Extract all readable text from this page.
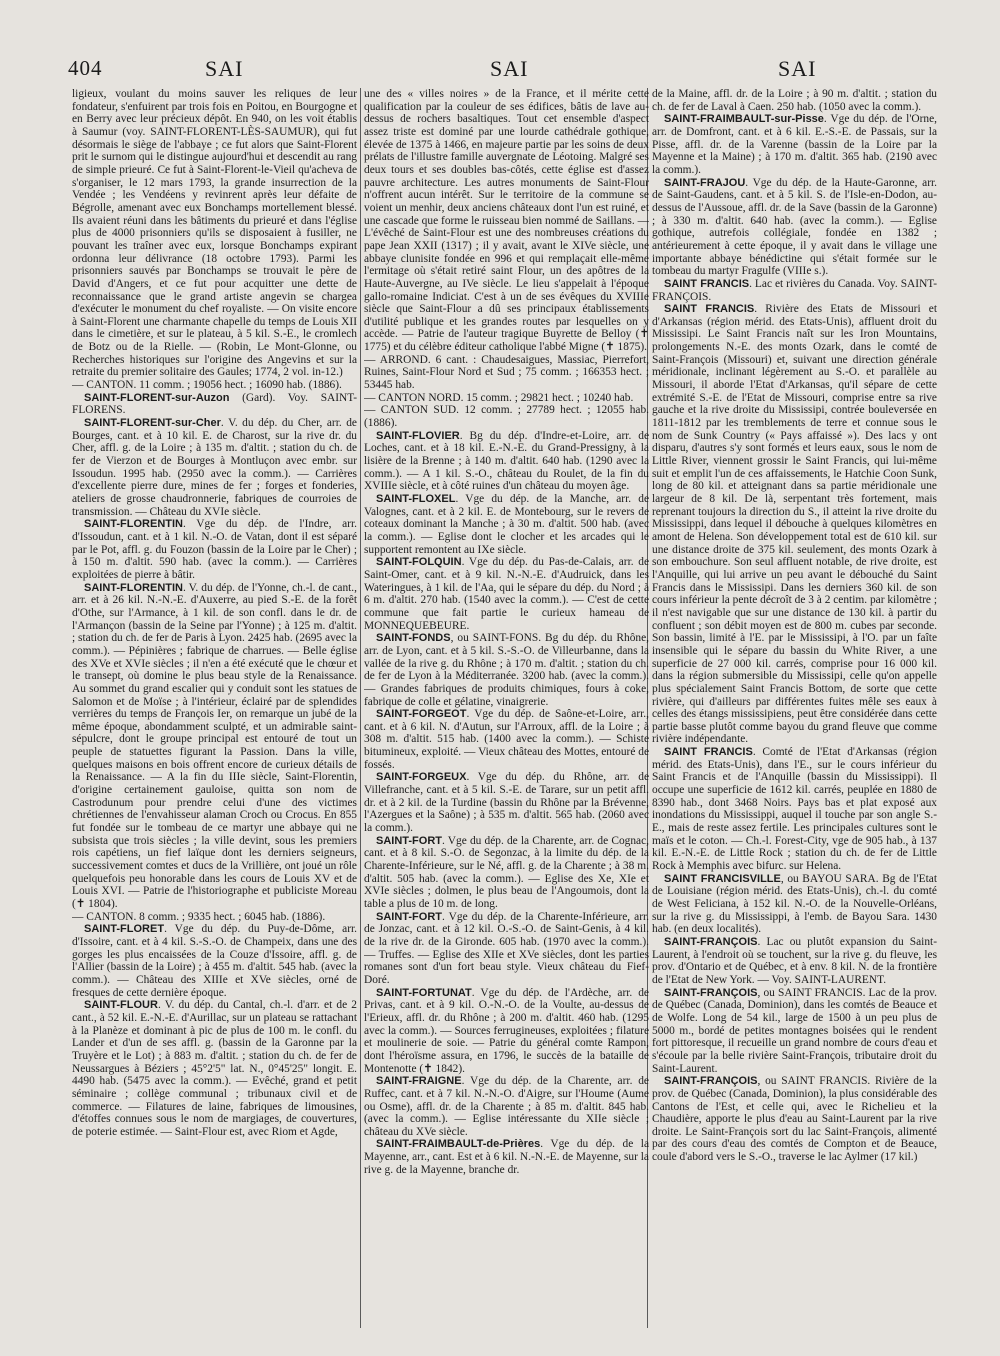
404	SAI	SAI	SAI

ligieux, voulant du moins sauver les reliques de leur fondateur, s'enfuirent par trois fois en Poitou, en Bourgogne et en Berry avec leur précieux dépôt. En 940, on les voit établis à Saumur (voy. SAINT-FLORENT-LÈS-SAUMUR), qui fut désormais le siège de l'abbaye ; ce fut alors que Saint-Florent prit le surnom qui le distingue aujourd'hui et descendit au rang de simple prieuré. Ce fut à Saint-Florent-le-Vieil qu'acheva de s'organiser, le 12 mars 1793, la grande insurrection de la Vendée ; les Vendéens y revinrent après leur défaite de Bégrolle, amenant avec eux Bonchamps mortellement blessé. Ils avaient réuni dans les bâtiments du prieuré et dans l'église plus de 4000 prisonniers qu'ils se disposaient à fusiller, ne pouvant les traîner avec eux, lorsque Bonchamps expirant ordonna leur délivrance (18 octobre 1793). Parmi les prisonniers sauvés par Bonchamps se trouvait le père de David d'Angers, et ce fut pour acquitter une dette de reconnaissance que le grand artiste angevin se chargea d'exécuter le monument du chef royaliste. — On visite encore à Saint-Florent une charmante chapelle du temps de Louis XII dans le cimetière, et sur le plateau, à 5 kil. S.-E., le cromlech de Botz ou de la Rielle. — (Robin, Le Mont-Glonne, ou Recherches historiques sur l'origine des Angevins et sur la retraite du premier solitaire des Gaules; 1774, 2 vol. in-12.)

— CANTON. 11 comm. ; 19056 hect. ; 16090 hab. (1886).

SAINT-FLORENT-sur-Auzon (Gard). Voy. SAINT-FLORENS.

SAINT-FLORENT-sur-Cher. V. du dép. du Cher, arr. de Bourges, cant. et à 10 kil. E. de Charost, sur la rive dr. du Cher, affl. g. de la Loire ; à 135 m. d'altit. ; station du ch. de fer de Vierzon et de Bourges à Montluçon avec embr. sur Issoudun. 1995 hab. (2950 avec la comm.). — Carrières d'excellente pierre dure, mines de fer ; forges et fonderies, ateliers de grosse chaudronnerie, fabriques de courroies de transmission. — Château du XVIe siècle.

SAINT-FLORENTIN. Vge du dép. de l'Indre, arr. d'Issoudun, cant. et à 1 kil. N.-O. de Vatan, dont il est séparé par le Pot, affl. g. du Fouzon (bassin de la Loire par le Cher) ; à 150 m. d'altit. 590 hab. (avec la comm.). — Carrières exploitées de pierre à bâtir.

SAINT-FLORENTIN. V. du dép. de l'Yonne, ch.-l. de cant., arr. et à 26 kil. N.-N.-E. d'Auxerre, au pied S.-E. de la forêt d'Othe, sur l'Armance, à 1 kil. de son confl. dans le dr. de l'Armançon (bassin de la Seine par l'Yonne) ; à 125 m. d'altit. ; station du ch. de fer de Paris à Lyon. 2425 hab. (2695 avec la comm.). — Pépinières ; fabrique de charrues. — Belle église des XVe et XVIe siècles ; il n'en a été exécuté que le chœur et le transept, où domine le plus beau style de la Renaissance. Au sommet du grand escalier qui y conduit sont les statues de Salomon et de Moïse ; à l'intérieur, éclairé par de splendides verrières du temps de François Ier, on remarque un jubé de la même époque, abondamment sculpté, et un admirable saint-sépulcre, dont le groupe principal est entouré de tout un peuple de statuettes figurant la Passion. Dans la ville, quelques maisons en bois offrent encore de curieux détails de la Renaissance. — A la fin du IIIe siècle, Saint-Florentin, d'origine certainement gauloise, quitta son nom de Castrodunum pour prendre celui d'une des victimes chrétiennes de l'envahisseur alaman Croch ou Crocus. En 855 fut fondée sur le tombeau de ce martyr une abbaye qui ne subsista que trois siècles ; la ville devint, sous les premiers rois capétiens, un fief laïque dont les derniers seigneurs, successivement comtes et ducs de la Vrillière, ont joué un rôle quelquefois peu honorable dans les cours de Louis XV et de Louis XVI. — Patrie de l'historiographe et publiciste Moreau (✝ 1804).

— CANTON. 8 comm. ; 9335 hect. ; 6045 hab. (1886).

SAINT-FLORET. Vge du dép. du Puy-de-Dôme, arr. d'Issoire, cant. et à 4 kil. S.-S.-O. de Champeix, dans une des gorges les plus encaissées de la Couze d'Issoire, affl. g. de l'Allier (bassin de la Loire) ; à 455 m. d'altit. 545 hab. (avec la comm.). — Château des XIIIe et XVe siècles, orné de fresques de cette dernière époque.

SAINT-FLOUR. V. du dép. du Cantal, ch.-l. d'arr. et de 2 cant., à 52 kil. E.-N.-E. d'Aurillac, sur un plateau se rattachant à la Planèze et dominant à pic de plus de 100 m. le confl. du Lander et d'un de ses affl. g. (bassin de la Garonne par la Truyère et le Lot) ; à 883 m. d'altit. ; station du ch. de fer de Neussargues à Béziers ; 45°2'5" lat. N., 0°45'25" longit. E. 4490 hab. (5475 avec la comm.). — Evêché, grand et petit séminaire ; collège communal ; tribunaux civil et de commerce. — Filatures de laine, fabriques de limousines, d'étoffes connues sous le nom de margiages, de couvertures, de poterie estimée. — Saint-Flour est, avec Riom et Agde,

une des « villes noires » de la France, et il mérite cette qualification par la couleur de ses édifices, bâtis de lave au-dessus de rochers basaltiques. Tout cet ensemble d'aspect assez triste est dominé par une lourde cathédrale gothique, élevée de 1375 à 1466, en majeure partie par les soins de deux prélats de l'illustre famille auvergnate de Léotoing. Malgré ses deux tours et ses doubles bas-côtés, cette église est d'assez pauvre architecture. Les autres monuments de Saint-Flour n'offrent aucun intérêt. Sur le territoire de la commune se voient un menhir, deux anciens châteaux dont l'un est ruiné, et une cascade que forme le ruisseau bien nommé de Saillans. — L'évêché de Saint-Flour est une des nombreuses créations du pape Jean XXII (1317) ; il y avait, avant le XIVe siècle, une abbaye clunisite fondée en 996 et qui remplaçait elle-même l'ermitage où s'était retiré saint Flour, un des apôtres de la Haute-Auvergne, au IVe siècle. Le lieu s'appelait à l'époque gallo-romaine Indiciat. C'est à un de ses évêques du XVIIIe siècle que Saint-Flour a dû ses principaux établissements d'utilité publique et les grandes routes par lesquelles on y accède. — Patrie de l'auteur tragique Buyrette de Belloy (✝ 1775) et du célèbre éditeur catholique l'abbé Migne (✝ 1875).

— ARROND. 6 cant. : Chaudesaigues, Massiac, Pierrefort, Ruines, Saint-Flour Nord et Sud ; 75 comm. ; 166353 hect. ; 53445 hab.

— CANTON NORD. 15 comm. ; 29821 hect. ; 10240 hab.

— CANTON SUD. 12 comm. ; 27789 hect. ; 12055 hab. (1886).

SAINT-FLOVIER. Bg du dép. d'Indre-et-Loire, arr. de Loches, cant. et à 18 kil. E.-N.-E. du Grand-Pressigny, à la lisière de la Brenne ; à 140 m. d'altit. 640 hab. (1290 avec la comm.). — A 1 kil. S.-O., château du Roulet, de la fin du XVIIIe siècle, et à côté ruines d'un château du moyen âge.

SAINT-FLOXEL. Vge du dép. de la Manche, arr. de Valognes, cant. et à 2 kil. E. de Montebourg, sur le revers de coteaux dominant la Manche ; à 30 m. d'altit. 500 hab. (avec la comm.). — Eglise dont le clocher et les arcades qui le supportent remontent au IXe siècle.

SAINT-FOLQUIN. Vge du dép. du Pas-de-Calais, arr. de Saint-Omer, cant. et à 9 kil. N.-N.-E. d'Audruick, dans les Wateringues, à 1 kil. de l'Aa, qui le sépare du dép. du Nord ; à 6 m. d'altit. 270 hab. (1540 avec la comm.). — C'est de cette commune que fait partie le curieux hameau de MONNEQUEBEURE.

SAINT-FONDS, ou SAINT-FONS. Bg du dép. du Rhône, arr. de Lyon, cant. et à 5 kil. S.-S.-O. de Villeurbanne, dans la vallée de la rive g. du Rhône ; à 170 m. d'altit. ; station du ch. de fer de Lyon à la Méditerranée. 3200 hab. (avec la comm.). — Grandes fabriques de produits chimiques, fours à coke, fabrique de colle et gélatine, vinaigrerie.

SAINT-FORGEOT. Vge du dép. de Saône-et-Loire, arr., cant. et à 6 kil. N. d'Autun, sur l'Arroux, affl. de la Loire ; à 308 m. d'altit. 515 hab. (1400 avec la comm.). — Schiste bitumineux, exploité. — Vieux château des Mottes, entouré de fossés.

SAINT-FORGEUX. Vge du dép. du Rhône, arr. de Villefranche, cant. et à 5 kil. S.-E. de Tarare, sur un petit affl. dr. et à 2 kil. de la Turdine (bassin du Rhône par la Brévenne, l'Azergues et la Saône) ; à 535 m. d'altit. 565 hab. (2060 avec la comm.).

SAINT-FORT. Vge du dép. de la Charente, arr. de Cognac, cant. et à 8 kil. S.-O. de Segonzac, à la limite du dép. de la Charente-Inférieure, sur le Né, affl. g. de la Charente ; à 38 m. d'altit. 505 hab. (avec la comm.). — Eglise des Xe, XIe et XVIe siècles ; dolmen, le plus beau de l'Angoumois, dont la table a plus de 10 m. de long.

SAINT-FORT. Vge du dép. de la Charente-Inférieure, arr. de Jonzac, cant. et à 12 kil. O.-S.-O. de Saint-Genis, à 4 kil. de la rive dr. de la Gironde. 605 hab. (1970 avec la comm.). — Truffes. — Eglise des XIIe et XVe siècles, dont les parties romanes sont d'un fort beau style. Vieux château du Fief-Doré.

SAINT-FORTUNAT. Vge du dép. de l'Ardèche, arr. de Privas, cant. et à 9 kil. O.-N.-O. de la Voulte, au-dessus de l'Erieux, affl. dr. du Rhône ; à 200 m. d'altit. 460 hab. (1295 avec la comm.). — Sources ferrugineuses, exploitées ; filature et moulinerie de soie. — Patrie du général comte Rampon, dont l'héroïsme assura, en 1796, le succès de la bataille de Montenotte (✝ 1842).

SAINT-FRAIGNE. Vge du dép. de la Charente, arr. de Ruffec, cant. et à 7 kil. N.-N.-O. d'Aigre, sur l'Houme (Aume ou Osme), affl. dr. de la Charente ; à 85 m. d'altit. 845 hab. (avec la comm.). — Eglise intéressante du XIIe siècle ; château du XVe siècle.

SAINT-FRAIMBAULT-de-Prières. Vge du dép. de la Mayenne, arr., cant. Est et à 6 kil. N.-N.-E. de Mayenne, sur la rive g. de la Mayenne, branche dr.

de la Maine, affl. dr. de la Loire ; à 90 m. d'altit. ; station du ch. de fer de Laval à Caen. 250 hab. (1050 avec la comm.).

SAINT-FRAIMBAULT-sur-Pisse. Vge du dép. de l'Orne, arr. de Domfront, cant. et à 6 kil. E.-S.-E. de Passais, sur la Pisse, affl. dr. de la Varenne (bassin de la Loire par la Mayenne et la Maine) ; à 170 m. d'altit. 365 hab. (2190 avec la comm.).

SAINT-FRAJOU. Vge du dép. de la Haute-Garonne, arr. de Saint-Gaudens, cant. et à 5 kil. S. de l'Isle-en-Dodon, au-dessus de l'Aussoue, affl. dr. de la Save (bassin de la Garonne) ; à 330 m. d'altit. 640 hab. (avec la comm.). — Eglise gothique, autrefois collégiale, fondée en 1382 ; antérieurement à cette époque, il y avait dans le village une importante abbaye bénédictine qui s'était formée sur le tombeau du martyr Fragulfe (VIIIe s.).

SAINT FRANCIS. Lac et rivières du Canada. Voy. SAINT-FRANÇOIS.

SAINT FRANCIS. Rivière des Etats de Missouri et d'Arkansas (région mérid. des Etats-Unis), affluent droit du Mississipi. Le Saint Francis naît sur les Iron Mountains, prolongements N.-E. des monts Ozark, dans le comté de Saint-François (Missouri) et, suivant une direction générale méridionale, inclinant légèrement au S.-O. et parallèle au Missouri, il aborde l'Etat d'Arkansas, qu'il sépare de cette extrémité S.-E. de l'Etat de Missouri, comprise entre sa rive gauche et la rive droite du Mississipi, contrée bouleversée en 1811-1812 par les tremblements de terre et connue sous le nom de Sunk Country (« Pays affaissé »). Des lacs y ont disparu, d'autres s'y sont formés et leurs eaux, sous le nom de Little River, viennent grossir le Saint Francis, qui lui-même suit et emplit l'un de ces affaissements, le Hatchie Coon Sunk, long de 80 kil. et atteignant dans sa partie méridionale une largeur de 8 kil. De là, serpentant très fortement, mais reprenant toujours la direction du S., il atteint la rive droite du Mississippi, dans lequel il débouche à quelques kilomètres en amont de Helena. Son développement total est de 610 kil. sur une distance droite de 375 kil. seulement, des monts Ozark à son embouchure. Son seul affluent notable, de rive droite, est l'Anquille, qui lui arrive un peu avant le débouché du Saint Francis dans le Mississipi. Dans les derniers 360 kil. de son cours inférieur la pente décroît de 3 à 2 centim. par kilomètre ; il n'est navigable que sur une distance de 130 kil. à partir du confluent ; son débit moyen est de 800 m. cubes par seconde. Son bassin, limité à l'E. par le Mississipi, à l'O. par un faîte insensible qui le sépare du bassin du White River, a une superficie de 27 000 kil. carrés, comprise pour 16 000 kil. dans la région submersible du Mississipi, celle qu'on appelle plus spécialement Saint Francis Bottom, de sorte que cette rivière, qui d'ailleurs par différentes fuites mêle ses eaux à celles des étangs mississipiens, peut être considérée dans cette partie basse plutôt comme bayou du grand fleuve que comme rivière indépendante.

SAINT FRANCIS. Comté de l'Etat d'Arkansas (région mérid. des Etats-Unis), dans l'E., sur le cours inférieur du Saint Francis et de l'Anquille (bassin du Mississippi). Il occupe une superficie de 1612 kil. carrés, peuplée en 1880 de 8390 hab., dont 3468 Noirs. Pays bas et plat exposé aux inondations du Mississippi, auquel il touche par son angle S.-E., mais de reste assez fertile. Les principales cultures sont le maïs et le coton. — Ch.-l. Forest-City, vge de 905 hab., à 137 kil. E.-N.-E. de Little Rock ; station du ch. de fer de Little Rock à Memphis avec bifurc. sur Helena.

SAINT FRANCISVILLE, ou BAYOU SARA. Bg de l'Etat de Louisiane (région mérid. des Etats-Unis), ch.-l. du comté de West Feliciana, à 152 kil. N.-O. de la Nouvelle-Orléans, sur la rive g. du Mississippi, à l'emb. de Bayou Sara. 1430 hab. (en deux localités).

SAINT-FRANÇOIS. Lac ou plutôt expansion du Saint-Laurent, à l'endroit où se touchent, sur la rive g. du fleuve, les prov. d'Ontario et de Québec, et à env. 8 kil. N. de la frontière de l'Etat de New York. — Voy. SAINT-LAURENT.

SAINT-FRANÇOIS, ou SAINT FRANCIS. Lac de la prov. de Québec (Canada, Dominion), dans les comtés de Beauce et de Wolfe. Long de 54 kil., large de 1500 à un peu plus de 5000 m., bordé de petites montagnes boisées qui le rendent fort pittoresque, il recueille un grand nombre de cours d'eau et s'écoule par la belle rivière Saint-François, tributaire droit du Saint-Laurent.

SAINT-FRANÇOIS, ou SAINT FRANCIS. Rivière de la prov. de Québec (Canada, Dominion), la plus considérable des Cantons de l'Est, et celle qui, avec le Richelieu et la Chaudière, apporte le plus d'eau au Saint-Laurent par la rive droite. Le Saint-François sort du lac Saint-François, alimenté par des cours d'eau des comtés de Compton et de Beauce, coule d'abord vers le S.-O., traverse le lac Aylmer (17 kil.)
